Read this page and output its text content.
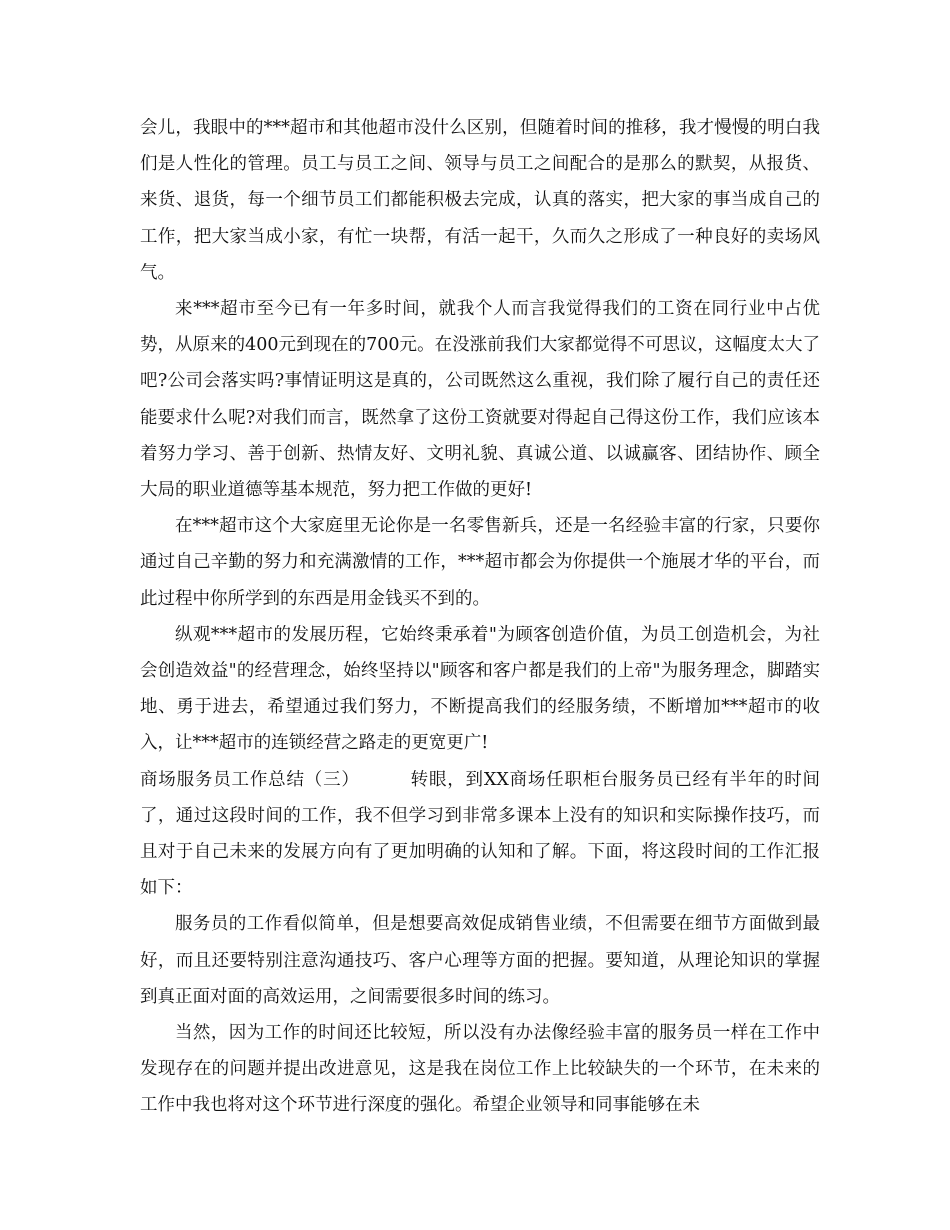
会儿，我眼中的***超市和其他超市没什么区别，但随着时间的推移，我才慢慢的明白我们是人性化的管理。员工与员工之间、领导与员工之间配合的是那么的默契，从报货、来货、退货，每一个细节员工们都能积极去完成，认真的落实，把大家的事当成自己的工作，把大家当成小家，有忙一块帮，有活一起干，久而久之形成了一种良好的卖场风气。

来***超市至今已有一年多时间，就我个人而言我觉得我们的工资在同行业中占优势，从原来的400元到现在的700元。在没涨前我们大家都觉得不可思议，这幅度太大了吧?公司会落实吗?事情证明这是真的，公司既然这么重视，我们除了履行自己的责任还能要求什么呢?对我们而言，既然拿了这份工资就要对得起自己得这份工作，我们应该本着努力学习、善于创新、热情友好、文明礼貌、真诚公道、以诚赢客、团结协作、顾全大局的职业道德等基本规范，努力把工作做的更好!

在***超市这个大家庭里无论你是一名零售新兵，还是一名经验丰富的行家，只要你通过自己辛勤的努力和充满激情的工作，***超市都会为你提供一个施展才华的平台，而此过程中你所学到的东西是用金钱买不到的。

纵观***超市的发展历程，它始终秉承着"为顾客创造价值，为员工创造机会，为社会创造效益"的经营理念，始终坚持以"顾客和客户都是我们的上帝"为服务理念，脚踏实地、勇于进去，希望通过我们努力，不断提高我们的经服务绩，不断增加***超市的收入，让***超市的连锁经营之路走的更宽更广!

商场服务员工作总结（三）        转眼，到XX商场任职柜台服务员已经有半年的时间了，通过这段时间的工作，我不但学习到非常多课本上没有的知识和实际操作技巧，而且对于自己未来的发展方向有了更加明确的认知和了解。下面，将这段时间的工作汇报如下：

服务员的工作看似简单，但是想要高效促成销售业绩，不但需要在细节方面做到最好，而且还要特别注意沟通技巧、客户心理等方面的把握。要知道，从理论知识的掌握到真正面对面的高效运用，之间需要很多时间的练习。

当然，因为工作的时间还比较短，所以没有办法像经验丰富的服务员一样在工作中发现存在的问题并提出改进意见，这是我在岗位工作上比较缺失的一个环节，在未来的工作中我也将对这个环节进行深度的强化。希望企业领导和同事能够在未
